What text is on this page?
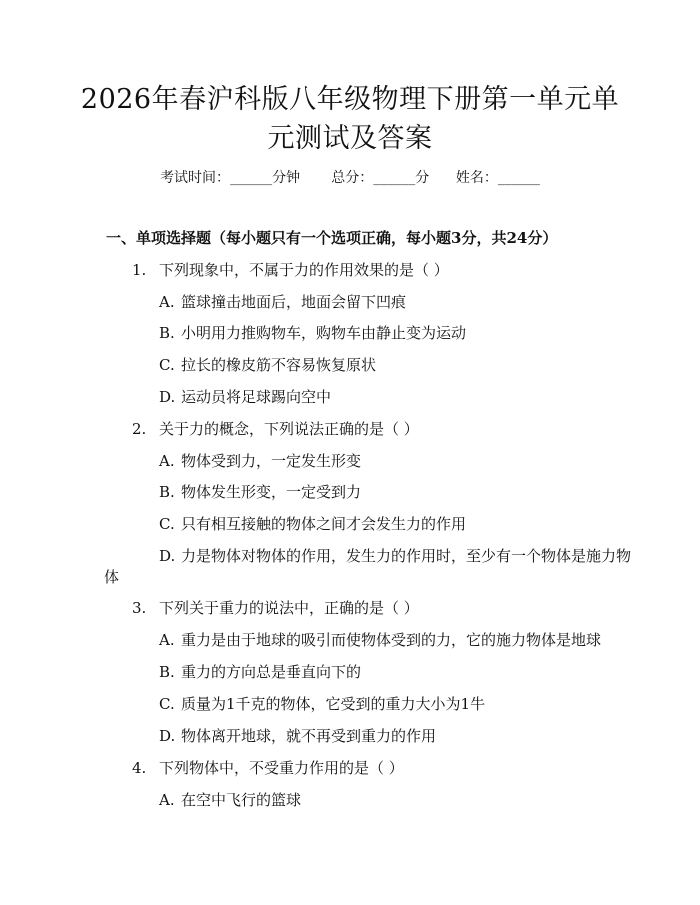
2026年春沪科版八年级物理下册第一单元单
元测试及答案
考试时间：______分钟 总分：______分 姓名：______
一、单项选择题（每小题只有一个选项正确，每小题3分，共24分）
1. 下列现象中，不属于力的作用效果的是（ ）
A. 篮球撞击地面后，地面会留下凹痕
B. 小明用力推购物车，购物车由静止变为运动
C. 拉长的橡皮筋不容易恢复原状
D. 运动员将足球踢向空中
2. 关于力的概念，下列说法正确的是（ ）
A. 物体受到力，一定发生形变
B. 物体发生形变，一定受到力
C. 只有相互接触的物体之间才会发生力的作用
D. 力是物体对物体的作用，发生力的作用时，至少有一个物体是施力物
体
3. 下列关于重力的说法中，正确的是（ ）
A. 重力是由于地球的吸引而使物体受到的力，它的施力物体是地球
B. 重力的方向总是垂直向下的
C. 质量为1千克的物体，它受到的重力大小为1牛
D. 物体离开地球，就不再受到重力的作用
4. 下列物体中，不受重力作用的是（ ）
A. 在空中飞行的篮球
